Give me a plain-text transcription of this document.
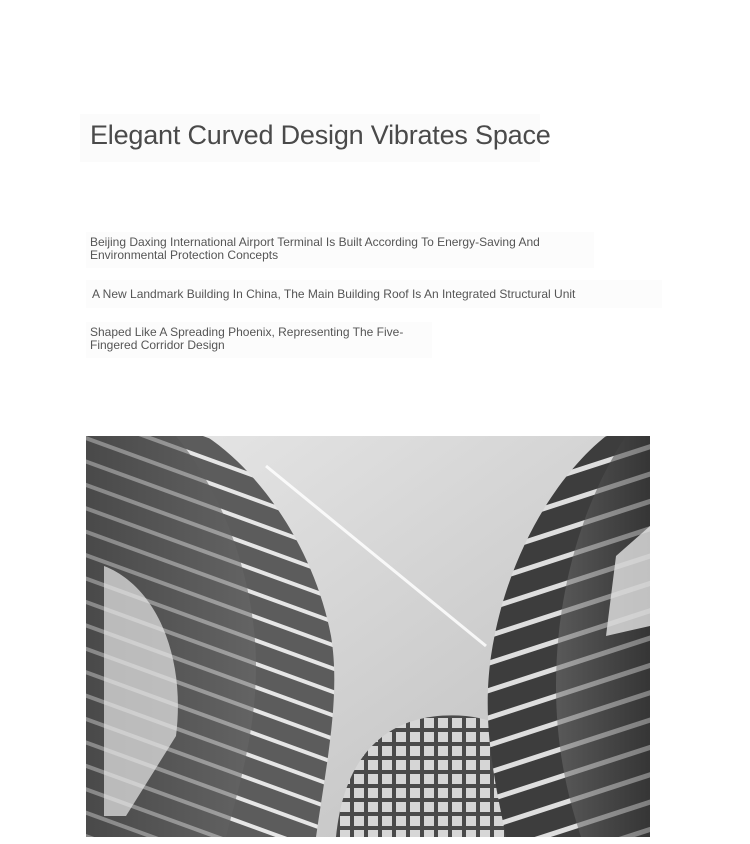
Elegant Curved Design Vibrates Space

Beijing Daxing International Airport Terminal Is Built According To Energy-Saving And Environmental Protection Concepts

A New Landmark Building In China, The Main Building Roof Is An Integrated Structural Unit

Shaped Like A Spreading Phoenix, Representing The Five-Fingered Corridor Design
